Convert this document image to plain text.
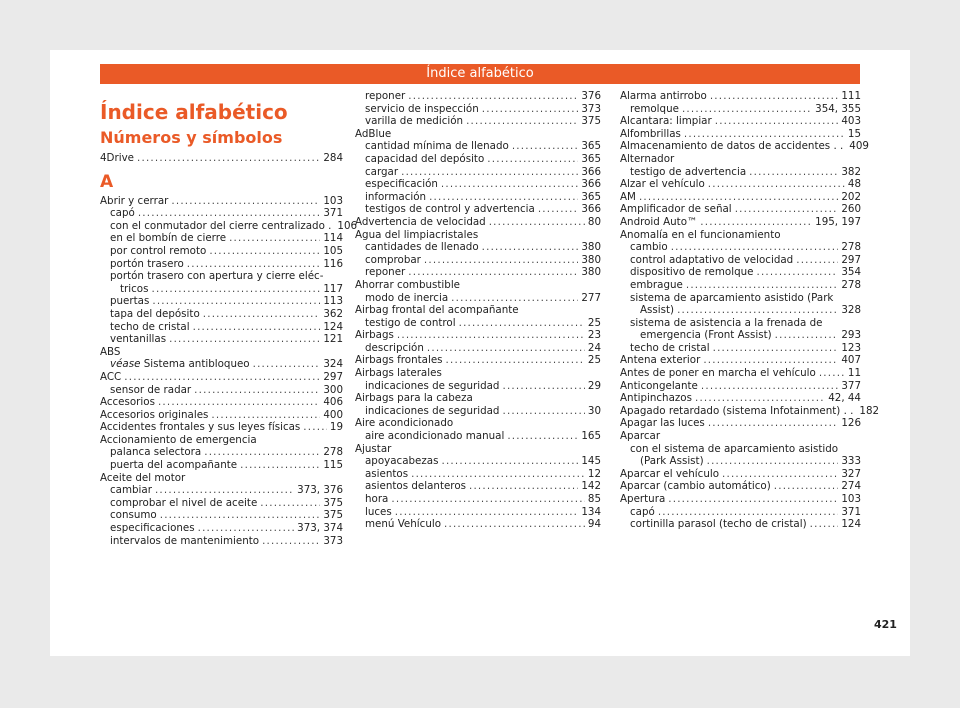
Índice alfabético
Índice alfabético
Números y símbolos
4Drive .....	284
A
Abrir y cerrar .....	103
capó .....	371
con el conmutador del cierre centralizado . 106
en el bombín de cierre .....	114
por control remoto .....	105
portón trasero .....	116
portón trasero con apertura y cierre eléc-
tricos .....	117
puertas .....	113
tapa del depósito .....	362
techo de cristal .....	124
ventanillas .....	121
ABS
véase Sistema antibloqueo .....	324
ACC .....	297
sensor de radar .....	300
Accesorios .....	406
Accesorios originales .....	400
Accidentes frontales y sus leyes físicas .....	19
Accionamiento de emergencia
palanca selectora .....	278
puerta del acompañante .....	115
Aceite del motor
cambiar .....	373, 376
comprobar el nivel de aceite .....	375
consumo .....	375
especificaciones .....	373, 374
intervalos de mantenimiento .....	373
reponer .....	376
servicio de inspección .....	373
varilla de medición .....	375
AdBlue
cantidad mínima de llenado .....	365
capacidad del depósito .....	365
cargar .....	366
especificación .....	366
información .....	365
testigos de control y advertencia .....	366
Advertencia de velocidad .....	80
Agua del limpiacristales
cantidades de llenado .....	380
comprobar .....	380
reponer .....	380
Ahorrar combustible
modo de inercia .....	277
Airbag frontal del acompañante
testigo de control .....	25
Airbags .....	23
descripción .....	24
Airbags frontales .....	25
Airbags laterales
indicaciones de seguridad .....	29
Airbags para la cabeza
indicaciones de seguridad .....	30
Aire acondicionado
aire acondicionado manual .....	165
Ajustar
apoyacabezas .....	145
asientos .....	12
asientos delanteros .....	142
hora .....	85
luces .....	134
menú Vehículo .....	94
Alarma antirrobo .....	111
remolque .....	354, 355
Alcantara: limpiar .....	403
Alfombrillas .....	15
Almacenamiento de datos de accidentes . . 409
Alternador
testigo de advertencia .....	382
Alzar el vehículo .....	48
AM .....	202
Amplificador de señal .....	260
Android Auto™ .....	195, 197
Anomalía en el funcionamiento
cambio .....	278
control adaptativo de velocidad .....	297
dispositivo de remolque .....	354
embrague .....	278
sistema de aparcamiento asistido (Park
Assist) .....	328
sistema de asistencia a la frenada de
emergencia (Front Assist) .....	293
techo de cristal .....	123
Antena exterior .....	407
Antes de poner en marcha el vehículo .....	11
Anticongelante .....	377
Antipinchazos .....	42, 44
Apagado retardado (sistema Infotainment) . . 182
Apagar las luces .....	126
Aparcar
con el sistema de aparcamiento asistido
(Park Assist) .....	333
Aparcar el vehículo .....	327
Aparcar (cambio automático) .....	274
Apertura .....	103
capó .....	371
cortinilla parasol (techo de cristal) .....	124
421
